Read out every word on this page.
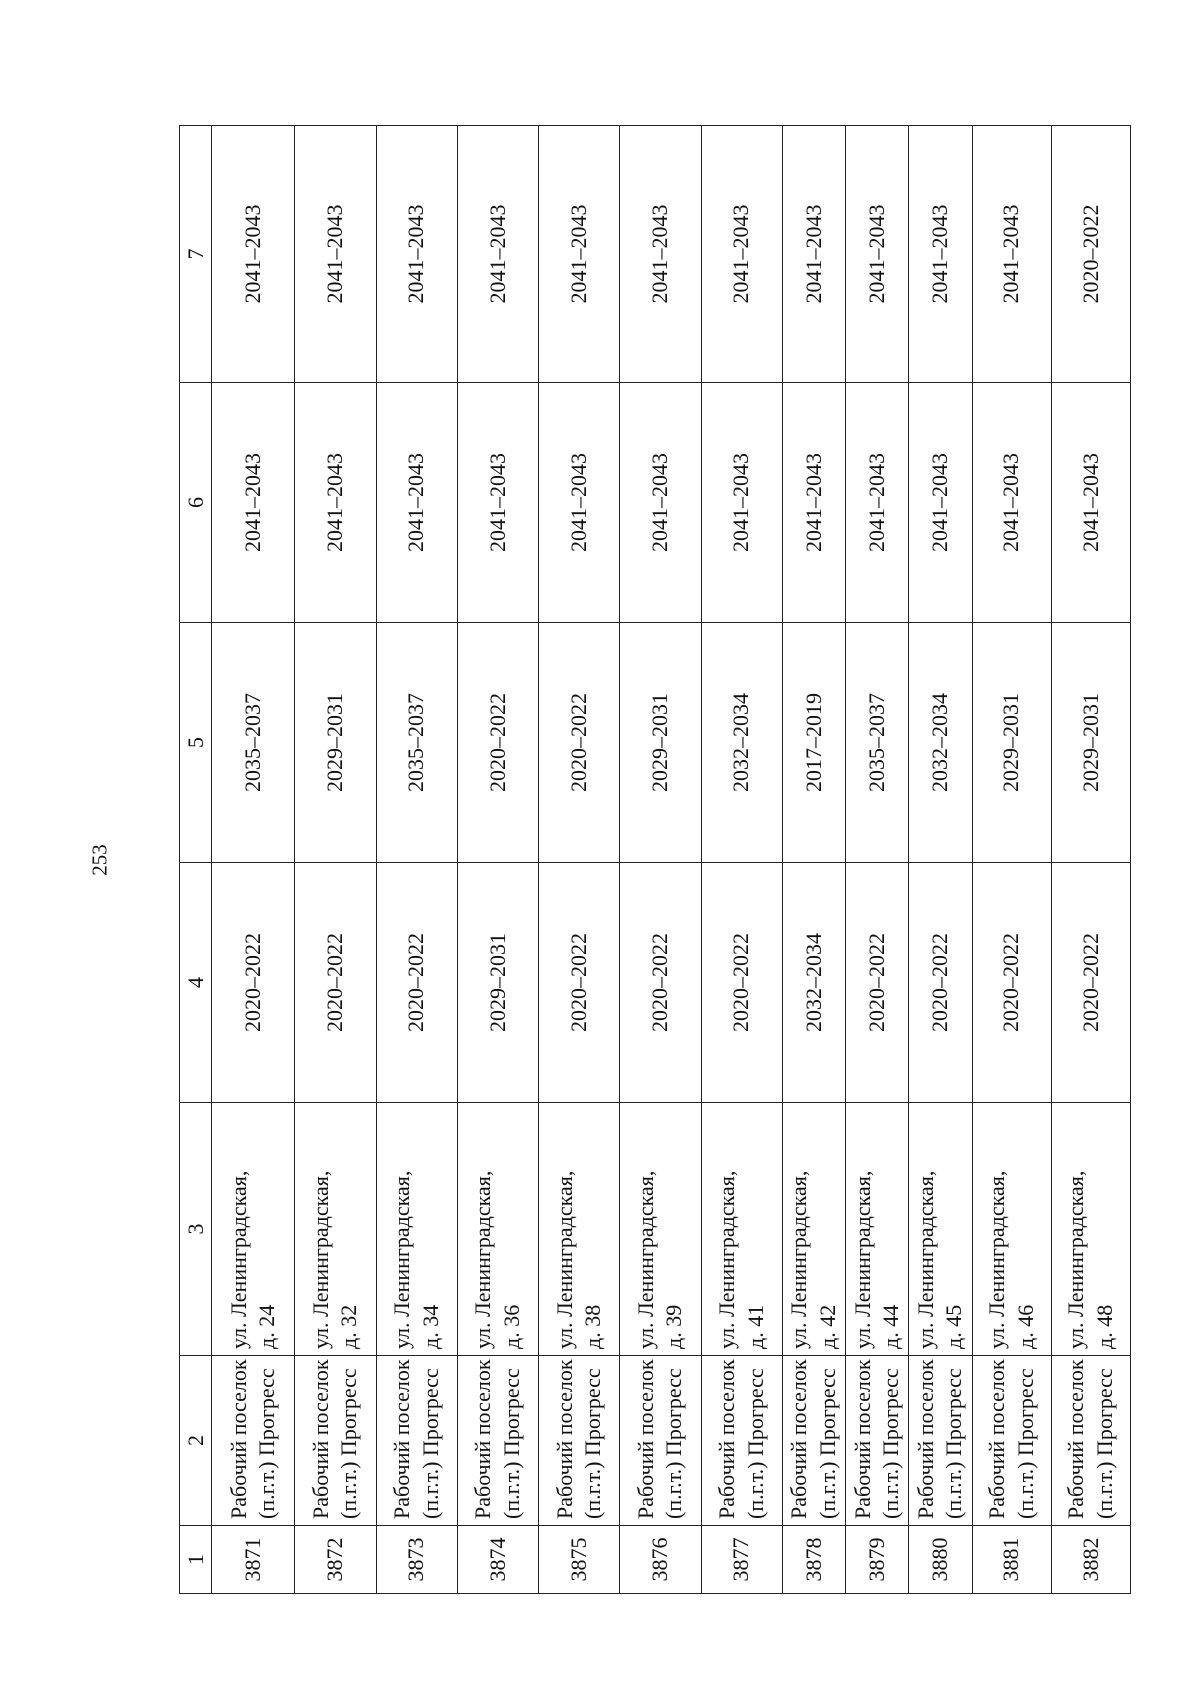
253
1	2	3	4	5	6	7
3871	Рабочий поселок (п.г.т.) Прогресс	ул. Ленинградская, д. 24	2020–2022	2035–2037	2041–2043	2041–2043
3872	Рабочий поселок (п.г.т.) Прогресс	ул. Ленинградская, д. 32	2020–2022	2029–2031	2041–2043	2041–2043
3873	Рабочий поселок (п.г.т.) Прогресс	ул. Ленинградская, д. 34	2020–2022	2035–2037	2041–2043	2041–2043
3874	Рабочий поселок (п.г.т.) Прогресс	ул. Ленинградская, д. 36	2029–2031	2020–2022	2041–2043	2041–2043
3875	Рабочий поселок (п.г.т.) Прогресс	ул. Ленинградская, д. 38	2020–2022	2020–2022	2041–2043	2041–2043
3876	Рабочий поселок (п.г.т.) Прогресс	ул. Ленинградская, д. 39	2020–2022	2029–2031	2041–2043	2041–2043
3877	Рабочий поселок (п.г.т.) Прогресс	ул. Ленинградская, д. 41	2020–2022	2032–2034	2041–2043	2041–2043
3878	Рабочий поселок (п.г.т.) Прогресс	ул. Ленинградская, д. 42	2032–2034	2017–2019	2041–2043	2041–2043
3879	Рабочий поселок (п.г.т.) Прогресс	ул. Ленинградская, д. 44	2020–2022	2035–2037	2041–2043	2041–2043
3880	Рабочий поселок (п.г.т.) Прогресс	ул. Ленинградская, д. 45	2020–2022	2032–2034	2041–2043	2041–2043
3881	Рабочий поселок (п.г.т.) Прогресс	ул. Ленинградская, д. 46	2020–2022	2029–2031	2041–2043	2041–2043
3882	Рабочий поселок (п.г.т.) Прогресс	ул. Ленинградская, д. 48	2020–2022	2029–2031	2041–2043	2020–2022
